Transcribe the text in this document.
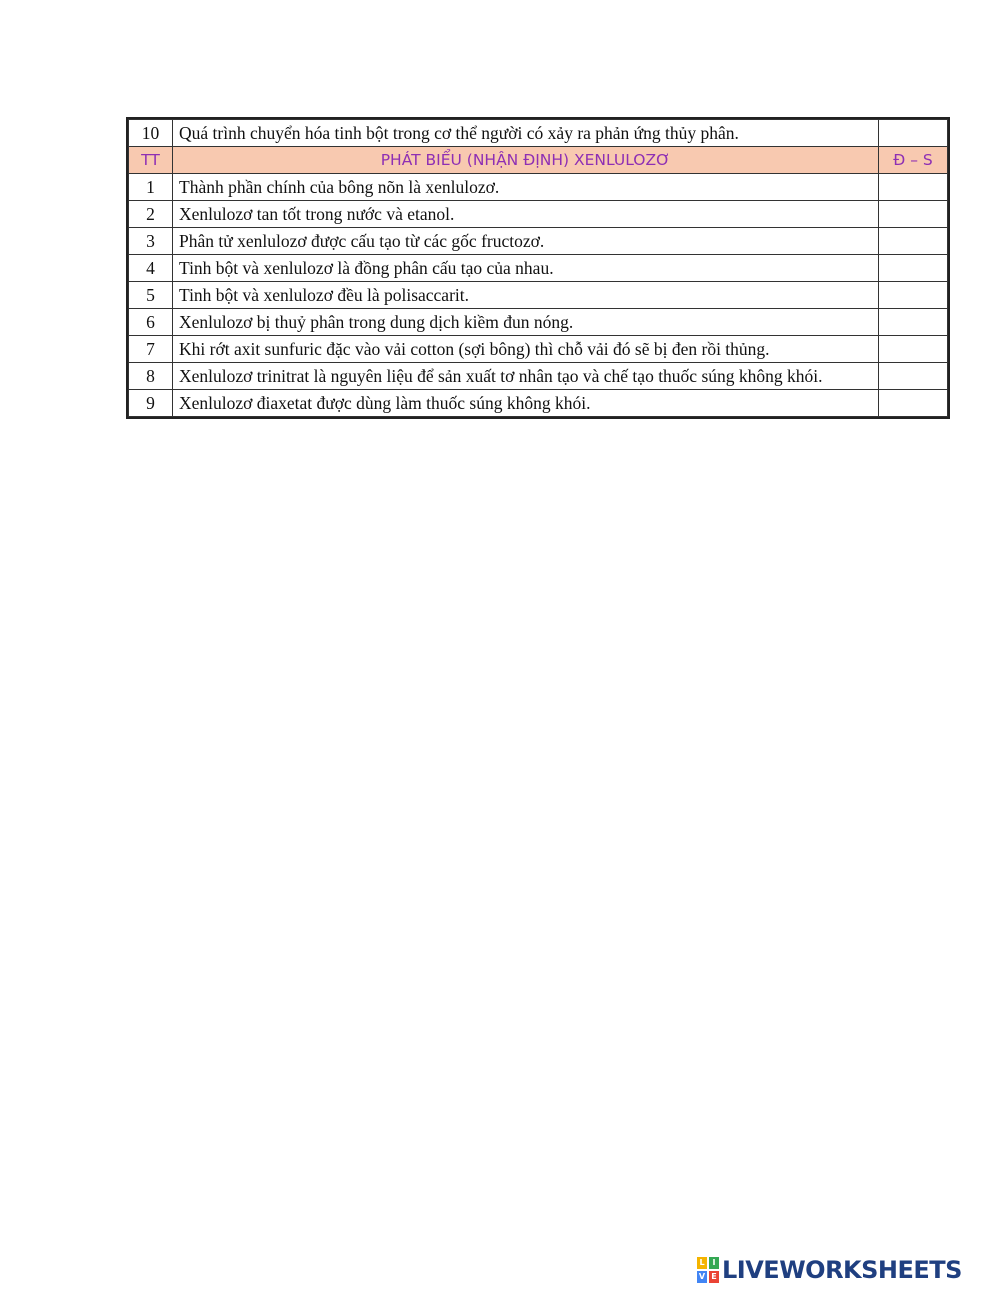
10	Quá trình chuyển hóa tinh bột trong cơ thể người có xảy ra phản ứng thủy phân.	
TT	PHÁT BIỂU (NHẬN ĐỊNH) XENLULOZƠ	Đ – S
1	Thành phần chính của bông nõn là xenlulozơ.	
2	Xenlulozơ tan tốt trong nước và etanol.	
3	Phân tử xenlulozơ được cấu tạo từ các gốc fructozơ.	
4	Tinh bột và xenlulozơ là đồng phân cấu tạo của nhau.	
5	Tinh bột và xenlulozơ đều là polisaccarit.	
6	Xenlulozơ bị thuỷ phân trong dung dịch kiềm đun nóng.	
7	Khi rớt axit sunfuric đặc vào vải cotton (sợi bông) thì chỗ vải đó sẽ bị đen rồi thủng.	
8	Xenlulozơ trinitrat là nguyên liệu để sản xuất tơ nhân tạo và chế tạo thuốc súng không khói.	
9	Xenlulozơ điaxetat được dùng làm thuốc súng không khói.	
L I
V E LIVEWORKSHEETS
